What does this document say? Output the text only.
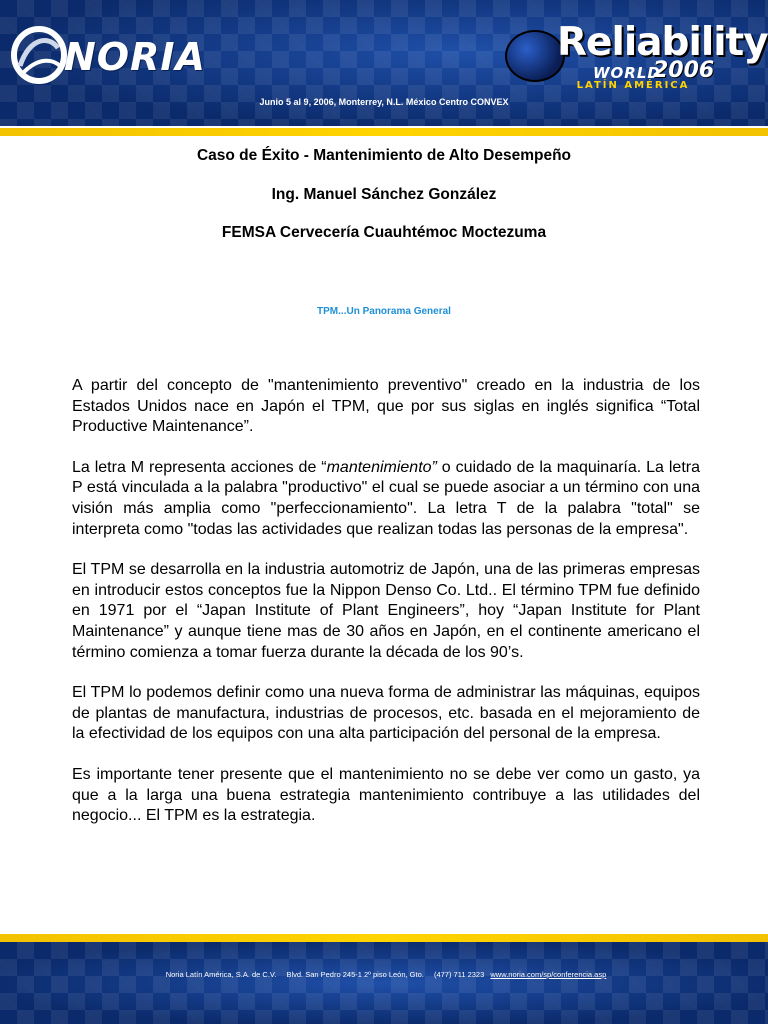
NORIA	Reliability
WORLD
2006
LATÍN AMÉRICA
Junio 5 al 9, 2006, Monterrey, N.L. México Centro CONVEX
Caso de Éxito - Mantenimiento de Alto Desempeño
Ing. Manuel Sánchez González
FEMSA Cervecería Cuauhtémoc Moctezuma
TPM...Un Panorama General

A partir del concepto de "mantenimiento preventivo" creado en la industria de los Estados Unidos nace en Japón el TPM, que por sus siglas en inglés significa “Total Productive Maintenance”.

La letra M representa acciones de “mantenimiento” o cuidado de la maquinaría. La letra P está vinculada a la palabra "productivo" el cual se puede asociar a un término con una visión más amplia como "perfeccionamiento". La letra T de la palabra "total" se interpreta como "todas las actividades que realizan todas las personas de la empresa".

El TPM se desarrolla en la industria automotriz de Japón, una de las primeras empresas en introducir estos conceptos fue la Nippon Denso Co. Ltd.. El término TPM fue definido en 1971 por el “Japan Institute of Plant Engineers”, hoy “Japan Institute for Plant Maintenance” y aunque tiene mas de 30 años en Japón, en el continente americano el término comienza a tomar fuerza durante la década de los 90’s.

El TPM lo podemos definir como una nueva forma de administrar las máquinas, equipos de plantas de manufactura, industrias de procesos, etc. basada en el mejoramiento de la efectividad de los equipos con una alta participación del personal de la empresa.

Es importante tener presente que el mantenimiento no se debe ver como un gasto, ya que a la larga una buena estrategia mantenimiento contribuye a las utilidades del negocio... El TPM es la estrategia.

Noria Latín América, S.A. de C.V. Blvd. San Pedro 245-1 2º piso León, Gto. (477) 711 2323 www.noria.com/sp/conferencia.asp
